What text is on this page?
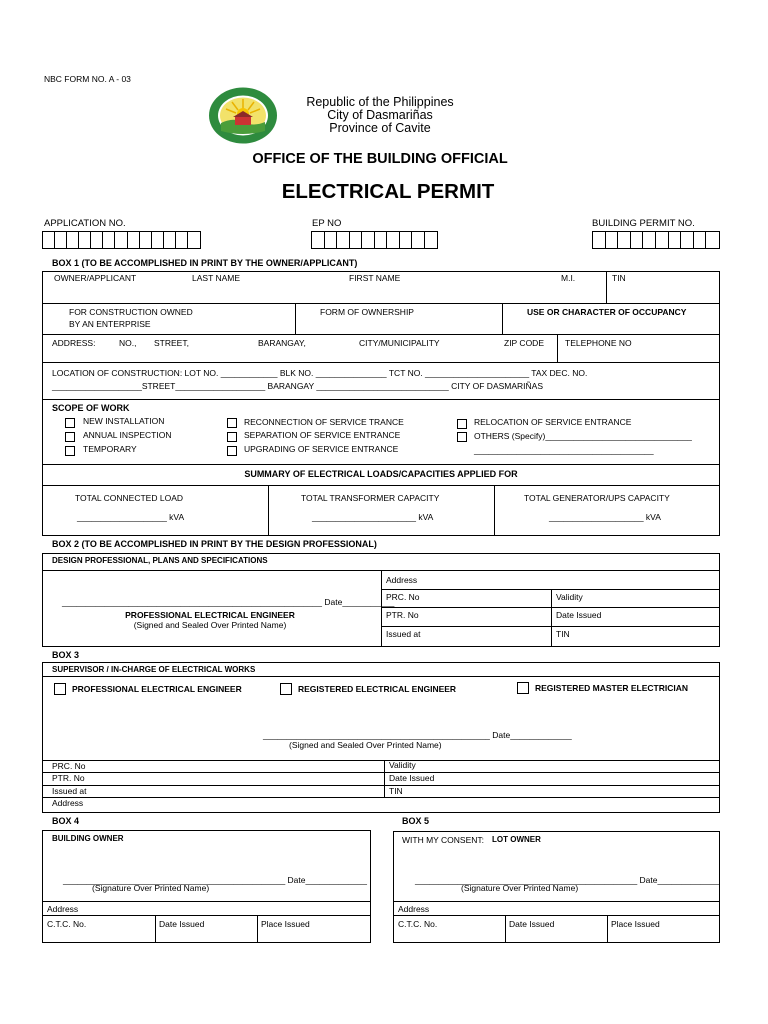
NBC FORM NO. A - 03
Republic of the Philippines
City of Dasmariñas
Province of Cavite
OFFICE OF THE BUILDING OFFICIAL
ELECTRICAL PERMIT
APPLICATION NO.	EP NO	BUILDING PERMIT NO.
BOX 1 (TO BE ACCOMPLISHED IN PRINT BY THE OWNER/APPLICANT)
OWNER/APPLICANT	LAST NAME	FIRST NAME	M.I.	TIN
FOR CONSTRUCTION OWNED
BY AN ENTERPRISE
FORM OF OWNERSHIP	USE OR CHARACTER OF OCCUPANCY
ADDRESS:	NO., STREET,	BARANGAY,	CITY/MUNICIPALITY	ZIP CODE TELEPHONE NO
LOCATION OF CONSTRUCTION: LOT NO. ____________ BLK NO. _______________ TCT NO. ______________________ TAX DEC. NO.
___________________STREET___________________ BARANGAY ____________________________ CITY OF DASMARIÑAS
SCOPE OF WORK
NEW INSTALLATION
ANNUAL INSPECTION
TEMPORARY
RECONNECTION OF SERVICE TRANCE
SEPARATION OF SERVICE ENTRANCE
UPGRADING OF SERVICE ENTRANCE
RELOCATION OF SERVICE ENTRANCE
OTHERS (Specify)_______________________________
______________________________________
SUMMARY OF ELECTRICAL LOADS/CAPACITIES APPLIED FOR
TOTAL CONNECTED LOAD
___________________ kVA
TOTAL TRANSFORMER CAPACITY
______________________ kVA
TOTAL GENERATOR/UPS CAPACITY
____________________ kVA
BOX 2 (TO BE ACCOMPLISHED IN PRINT BY THE DESIGN PROFESSIONAL)
DESIGN PROFESSIONAL, PLANS AND SPECIFICATIONS
_______________________________________________________ Date___________
PROFESSIONAL ELECTRICAL ENGINEER
(Signed and Sealed Over Printed Name)
Address
PRC. No	Validity
PTR. No	Date Issued
Issued at	TIN
BOX 3
SUPERVISOR / IN-CHARGE OF ELECTRICAL WORKS
PROFESSIONAL ELECTRICAL ENGINEER	REGISTERED ELECTRICAL ENGINEER	REGISTERED MASTER ELECTRICIAN
________________________________________________ Date_____________
(Signed and Sealed Over Printed Name)
PRC. No	Validity
PTR. No	Date Issued
Issued at	TIN
Address
BOX 4
BUILDING OWNER
_______________________________________________ Date_____________
(Signature Over Printed Name)
Address
C.T.C. No.	Date Issued	Place Issued
BOX 5
WITH MY CONSENT: LOT OWNER
_______________________________________________ Date_____________
(Signature Over Printed Name)
Address
C.T.C. No.	Date Issued	Place Issued
